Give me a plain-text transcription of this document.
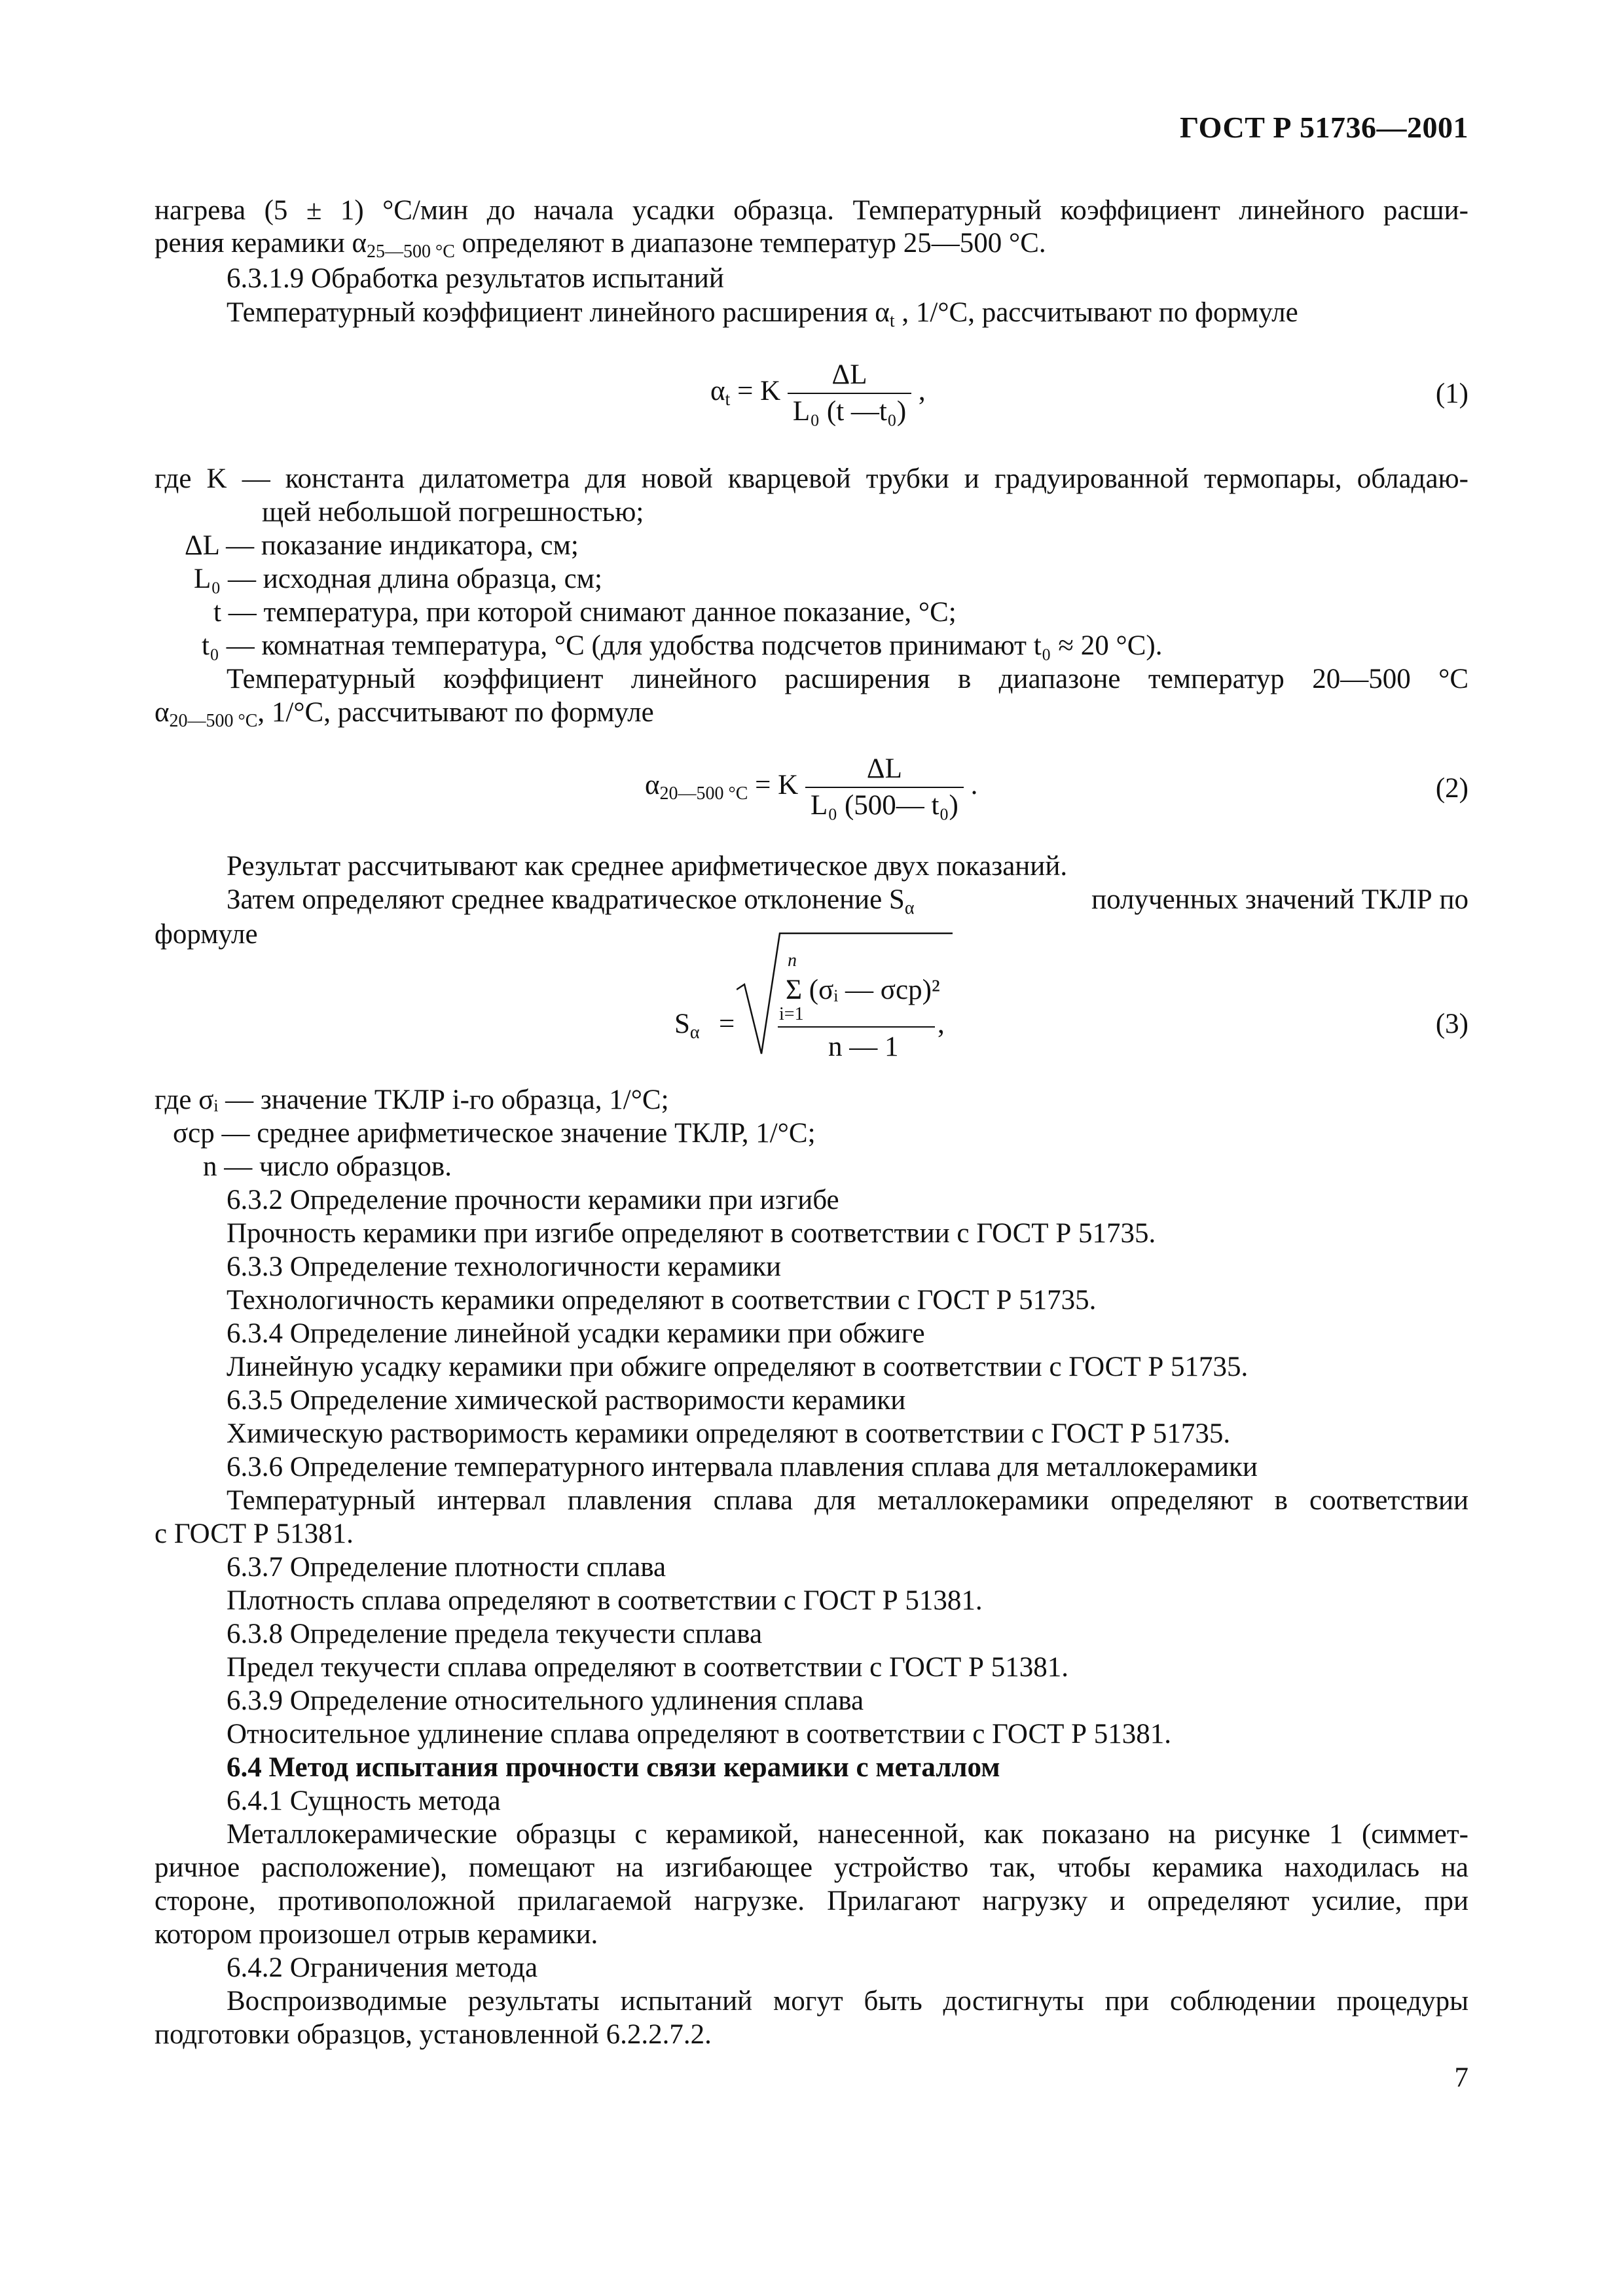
ГОСТ Р 51736—2001
нагрева (5 ± 1) °С/мин до начала усадки образца. Температурный коэффициент линейного расши-
рения керамики $\alpha_{25—500 ^\circ С}$ определяют в диапазоне температур 25—500 °С.
6.3.1.9 Обработка результатов испытаний
Температурный коэффициент линейного расширения $\alpha_t$ , 1/°С, рассчитывают по формуле
$\alpha_t = K \frac{\Delta L}{\text{L₀ (t —t₀)}}$ ,	(1)
где K — константа дилатометра для новой кварцевой трубки и градуированной термопары, обладаю-
щей небольшой погрешностью;
ΔL — показание индикатора, см;
L₀ — исходная длина образца, см;
t — температура, при которой снимают данное показание, °С;
t₀ — комнатная температура, °С (для удобства подсчетов принимают t₀ ≈ 20 °С).
Температурный коэффициент линейного расширения в диапазоне температур 20—500 °С
$\alpha_{20—500 ^\circ С}$, 1/°С, рассчитывают по формуле
$\alpha_{20—500 ^\circ С} = K \frac{\Delta L}{\text{L₀ (500— t₀)}}$ .	(2)
Результат рассчитывают как среднее арифметическое двух показаний.
Затем определяют среднее квадратическое отклонение $S_\alpha$	полученных значений ТКЛР по
формуле
$S_\alpha$ =
n
Σ (σᵢ — σср)²
i=1
n — 1
,	(3)
где σᵢ — значение ТКЛР i-го образца, 1/°С;
σср — среднее арифметическое значение ТКЛР, 1/°С;
n — число образцов.
6.3.2 Определение прочности керамики при изгибе
Прочность керамики при изгибе определяют в соответствии с ГОСТ Р 51735.
6.3.3 Определение технологичности керамики
Технологичность керамики определяют в соответствии с ГОСТ Р 51735.
6.3.4 Определение линейной усадки керамики при обжиге
Линейную усадку керамики при обжиге определяют в соответствии с ГОСТ Р 51735.
6.3.5 Определение химической растворимости керамики
Химическую растворимость керамики определяют в соответствии с ГОСТ Р 51735.
6.3.6 Определение температурного интервала плавления сплава для металлокерамики
Температурный интервал плавления сплава для металлокерамики определяют в соответствии
с ГОСТ Р 51381.
6.3.7 Определение плотности сплава
Плотность сплава определяют в соответствии с ГОСТ Р 51381.
6.3.8 Определение предела текучести сплава
Предел текучести сплава определяют в соответствии с ГОСТ Р 51381.
6.3.9 Определение относительного удлинения сплава
Относительное удлинение сплава определяют в соответствии с ГОСТ Р 51381.
6.4 Метод испытания прочности связи керамики с металлом
6.4.1 Сущность метода
Металлокерамические образцы с керамикой, нанесенной, как показано на рисунке 1 (симмет-
ричное расположение), помещают на изгибающее устройство так, чтобы керамика находилась на
стороне, противоположной прилагаемой нагрузке. Прилагают нагрузку и определяют усилие, при
котором произошел отрыв керамики.
6.4.2 Ограничения метода
Воспроизводимые результаты испытаний могут быть достигнуты при соблюдении процедуры
подготовки образцов, установленной 6.2.2.7.2.
7
